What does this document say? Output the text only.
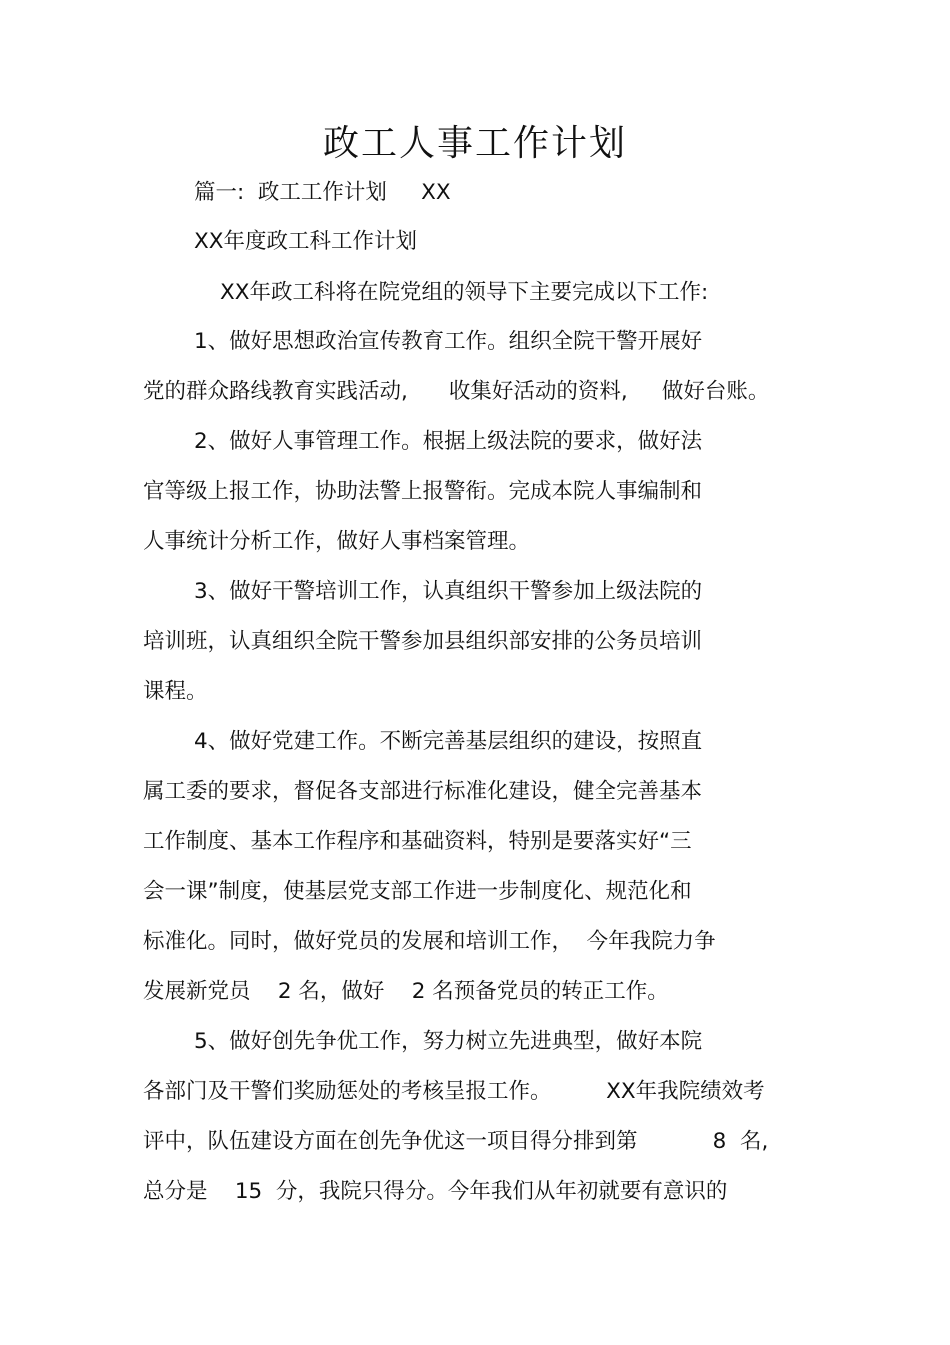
政工人事工作计划
篇一:  政工工作计划     XX
XX年度政工科工作计划
XX年政工科将在院党组的领导下主要完成以下工作:
1、做好思想政治宣传教育工作。组织全院干警开展好
党的群众路线教育实践活动,      收集好活动的资料,     做好台账。
2、做好人事管理工作。根据上级法院的要求，做好法
官等级上报工作，协助法警上报警衔。完成本院人事编制和
人事统计分析工作，做好人事档案管理。
3、做好干警培训工作，认真组织干警参加上级法院的
培训班，认真组织全院干警参加县组织部安排的公务员培训
课程。
4、做好党建工作。不断完善基层组织的建设，按照直
属工委的要求，督促各支部进行标准化建设，健全完善基本
工作制度、基本工作程序和基础资料，特别是要落实好“三
会一课”制度，使基层党支部工作进一步制度化、规范化和
标准化。同时，做好党员的发展和培训工作，  今年我院力争
发展新党员    2 名，做好    2 名预备党员的转正工作。
5、做好创先争优工作，努力树立先进典型，做好本院
各部门及干警们奖励惩处的考核呈报工作。        XX年我院绩效考
评中，队伍建设方面在创先争优这一项目得分排到第           8  名,
总分是    15  分，我院只得分。今年我们从年初就要有意识的
